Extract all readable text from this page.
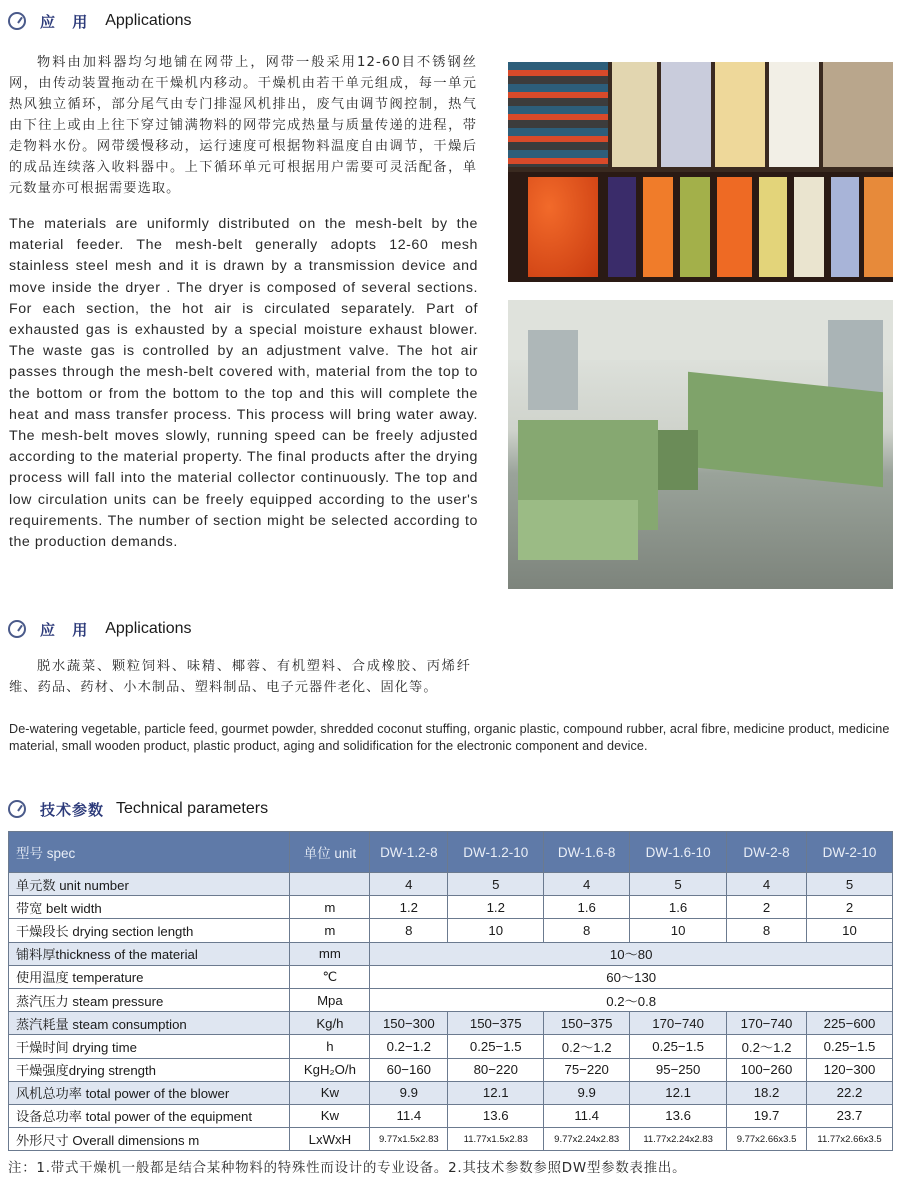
应 用 Applications
物料由加料器均匀地铺在网带上，网带一般采用12-60目不锈钢丝网，由传动装置拖动在干燥机内移动。干燥机由若干单元组成，每一单元热风独立循环，部分尾气由专门排湿风机排出，废气由调节阀控制，热气由下往上或由上往下穿过铺满物料的网带完成热量与质量传递的进程，带走物料水份。网带缓慢移动，运行速度可根据物料温度自由调节，干燥后的成品连续落入收料器中。上下循环单元可根据用户需要可灵活配备，单元数量亦可根据需要选取。
The materials are uniformly distributed on the mesh-belt by the material feeder. The mesh-belt generally adopts 12-60 mesh stainless steel mesh and it is drawn by a transmission device and move inside the dryer . The dryer is composed of several sections. For each section, the hot air is circulated separately. Part of exhausted gas is exhausted by a special moisture exhaust blower. The waste gas is controlled by an adjustment valve. The hot air passes through the mesh-belt covered with, material from the top to the bottom or from the bottom to the top and this will complete the heat and mass transfer process. This process will bring water away. The mesh-belt moves slowly, running speed can be freely adjusted according to the material property. The final products after the drying process will fall into the material collector continuously. The top and low circulation units can be freely equipped according to the user's requirements. The number of section might be selected according to the production demands.
应 用 Applications
脱水蔬菜、颗粒饲料、味精、椰蓉、有机塑料、合成橡胶、丙烯纤维、药品、药材、小木制品、塑料制品、电子元器件老化、固化等。
De-watering vegetable, particle feed, gourmet powder, shredded coconut stuffing, organic plastic, compound rubber, acral fibre, medicine product, medicine material, small wooden product, plastic product, aging and solidification for the electronic component and device.
技术参数 Technical parameters
型号 spec	单位 unit	DW-1.2-8	DW-1.2-10	DW-1.6-8	DW-1.6-10	DW-2-8	DW-2-10
单元数 unit number		4	5	4	5	4	5
带宽 belt width	m	1.2	1.2	1.6	1.6	2	2
干燥段长 drying section length	m	8	10	8	10	8	10
铺料厚thickness of the material	mm	10～80					
使用温度 temperature	℃	60～130					
蒸汽压力 steam pressure	Mpa	0.2～0.8					
蒸汽耗量 steam consumption	Kg/h	150−300	150−375	150−375	170−740	170−740	225−600
干燥时间 drying time	h	0.2−1.2	0.25−1.5	0.2～1.2	0.25−1.5	0.2～1.2	0.25−1.5
干燥强度drying strength	KgH₂O/h	60−160	80−220	75−220	95−250	100−260	120−300
风机总功率 total power of the blower	Kw	9.9	12.1	9.9	12.1	18.2	22.2
设备总功率 total power of the equipment	Kw	11.4	13.6	11.4	13.6	19.7	23.7
外形尺寸 Overall dimensions m	LxWxH	9.77x1.5x2.83	11.77x1.5x2.83	9.77x2.24x2.83	11.77x2.24x2.83	9.77x2.66x3.5	11.77x2.66x3.5
注：1.带式干燥机一般都是结合某种物料的特殊性而设计的专业设备。2.其技术参数参照DW型参数表推出。
